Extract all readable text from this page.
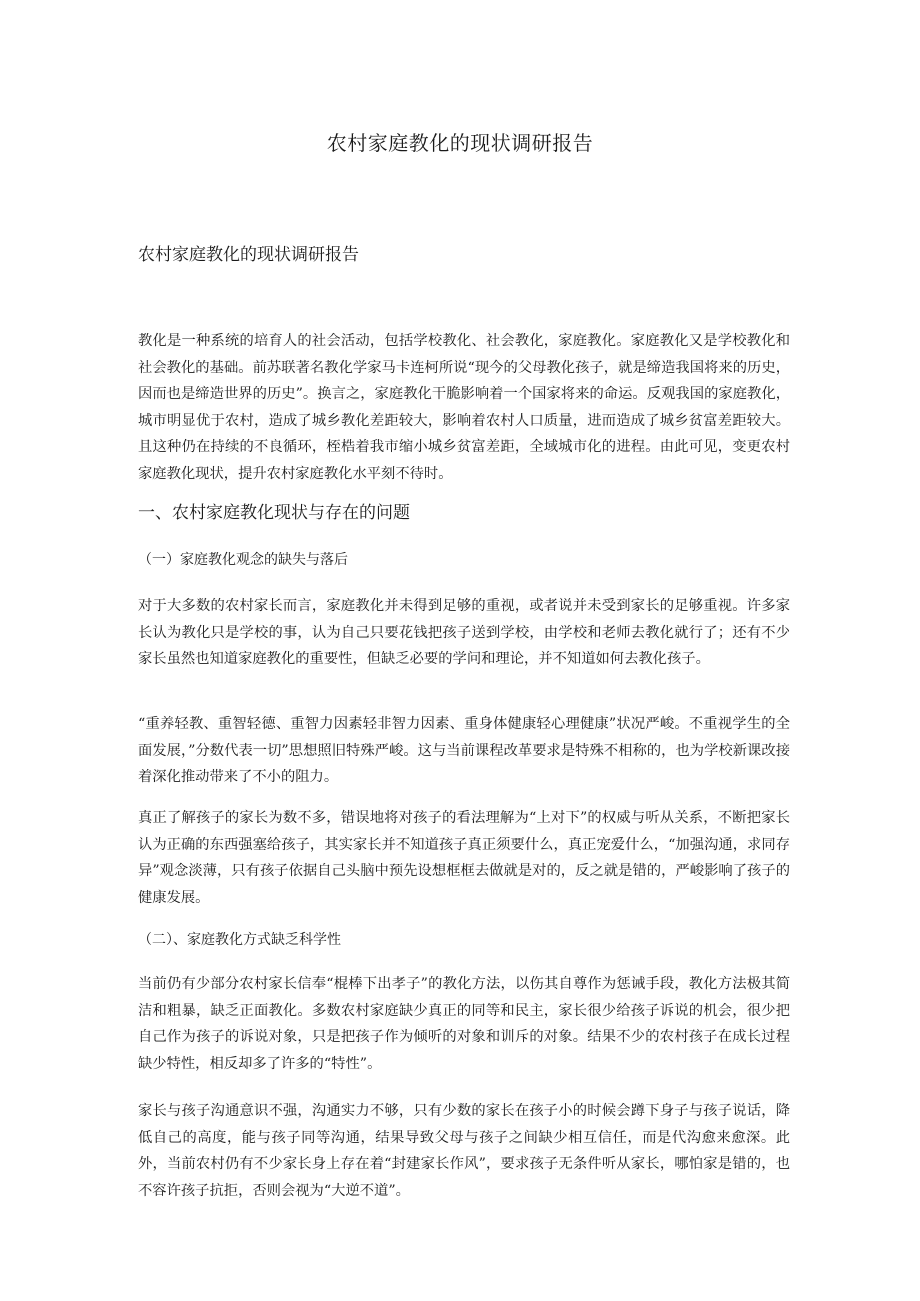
农村家庭教化的现状调研报告
农村家庭教化的现状调研报告

教化是一种系统的培育人的社会活动，包括学校教化、社会教化，家庭教化。家庭教化又是学校教化和社会教化的基础。前苏联著名教化学家马卡连柯所说“现今的父母教化孩子，就是缔造我国将来的历史，因而也是缔造世界的历史”。换言之，家庭教化干脆影响着一个国家将来的命运。反观我国的家庭教化，城市明显优于农村，造成了城乡教化差距较大，影响着农村人口质量，进而造成了城乡贫富差距较大。且这种仍在持续的不良循环，桎梏着我市缩小城乡贫富差距，全域城市化的进程。由此可见，变更农村家庭教化现状，提升农村家庭教化水平刻不待时。

一、农村家庭教化现状与存在的问题
（一）家庭教化观念的缺失与落后

对于大多数的农村家长而言，家庭教化并未得到足够的重视，或者说并未受到家长的足够重视。许多家长认为教化只是学校的事，认为自己只要花钱把孩子送到学校，由学校和老师去教化就行了；还有不少家长虽然也知道家庭教化的重要性，但缺乏必要的学问和理论，并不知道如何去教化孩子。

“重养轻教、重智轻德、重智力因素轻非智力因素、重身体健康轻心理健康”状况严峻。不重视学生的全面发展，”分数代表一切”思想照旧特殊严峻。这与当前课程改革要求是特殊不相称的，也为学校新课改接着深化推动带来了不小的阻力。

真正了解孩子的家长为数不多，错误地将对孩子的看法理解为“上对下”的权威与听从关系，不断把家长认为正确的东西强塞给孩子，其实家长并不知道孩子真正须要什么，真正宠爱什么，“加强沟通，求同存异”观念淡薄，只有孩子依据自己头脑中预先设想框框去做就是对的，反之就是错的，严峻影响了孩子的健康发展。

（二）、家庭教化方式缺乏科学性

当前仍有少部分农村家长信奉“棍棒下出孝子”的教化方法，以伤其自尊作为惩诫手段，教化方法极其简洁和粗暴，缺乏正面教化。多数农村家庭缺少真正的同等和民主，家长很少给孩子诉说的机会，很少把自己作为孩子的诉说对象，只是把孩子作为倾听的对象和训斥的对象。结果不少的农村孩子在成长过程缺少特性，相反却多了许多的“特性”。

家长与孩子沟通意识不强，沟通实力不够，只有少数的家长在孩子小的时候会蹲下身子与孩子说话，降低自己的高度，能与孩子同等沟通，结果导致父母与孩子之间缺少相互信任，而是代沟愈来愈深。此外，当前农村仍有不少家长身上存在着“封建家长作风”，要求孩子无条件听从家长，哪怕家是错的，也不容许孩子抗拒，否则会视为“大逆不道”。
